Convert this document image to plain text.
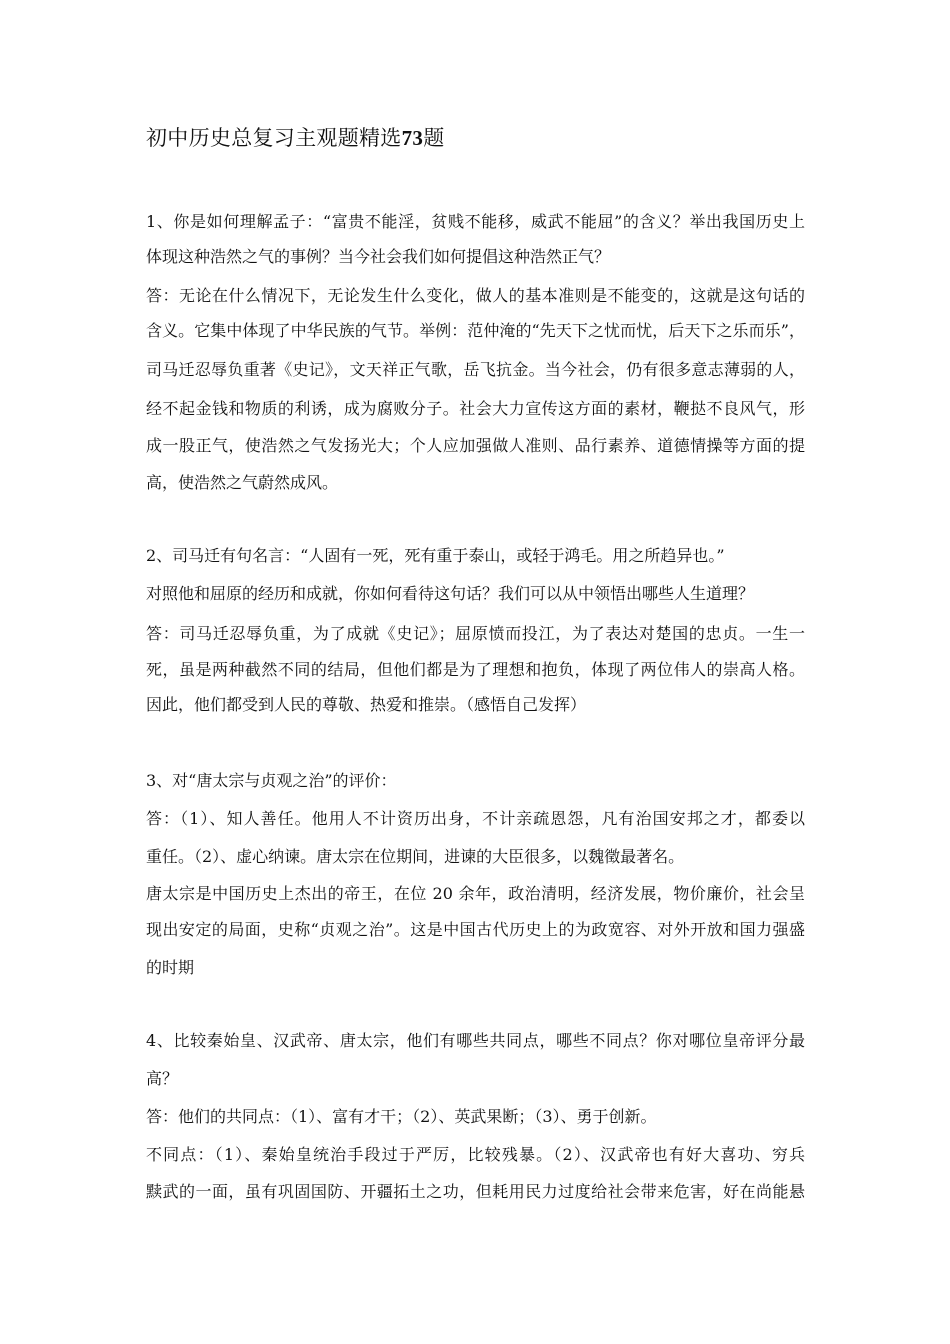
初中历史总复习主观题精选73题

1、你是如何理解孟子：“富贵不能淫，贫贱不能移，威武不能屈”的含义？举出我国历史上

体现这种浩然之气的事例？当今社会我们如何提倡这种浩然正气？

答：无论在什么情况下，无论发生什么变化，做人的基本准则是不能变的，这就是这句话的

含义。它集中体现了中华民族的气节。举例：范仲淹的“先天下之忧而忧，后天下之乐而乐”，

司马迁忍辱负重著《史记》，文天祥正气歌，岳飞抗金。当今社会，仍有很多意志薄弱的人，

经不起金钱和物质的利诱，成为腐败分子。社会大力宣传这方面的素材，鞭挞不良风气，形

成一股正气，使浩然之气发扬光大；个人应加强做人准则、品行素养、道德情操等方面的提

高，使浩然之气蔚然成风。

2、司马迁有句名言：“人固有一死，死有重于泰山，或轻于鸿毛。用之所趋异也。”

对照他和屈原的经历和成就，你如何看待这句话？我们可以从中领悟出哪些人生道理？

答：司马迁忍辱负重，为了成就《史记》；屈原愤而投江，为了表达对楚国的忠贞。一生一

死，虽是两种截然不同的结局，但他们都是为了理想和抱负，体现了两位伟人的崇高人格。

因此，他们都受到人民的尊敬、热爱和推崇。（感悟自己发挥）

3、对“唐太宗与贞观之治”的评价：

答：（1）、知人善任。他用人不计资历出身，不计亲疏恩怨，凡有治国安邦之才，都委以

重任。（2）、虚心纳谏。唐太宗在位期间，进谏的大臣很多，以魏徵最著名。

唐太宗是中国历史上杰出的帝王，在位 20 余年，政治清明，经济发展，物价廉价，社会呈

现出安定的局面，史称“贞观之治”。这是中国古代历史上的为政宽容、对外开放和国力强盛

的时期

4、比较秦始皇、汉武帝、唐太宗，他们有哪些共同点，哪些不同点？你对哪位皇帝评分最

高？

答：他们的共同点：（1）、富有才干；（2）、英武果断；（3）、勇于创新。

不同点：（1）、秦始皇统治手段过于严厉，比较残暴。（2）、汉武帝也有好大喜功、穷兵

黩武的一面，虽有巩固国防、开疆拓土之功，但耗用民力过度给社会带来危害，好在尚能悬
